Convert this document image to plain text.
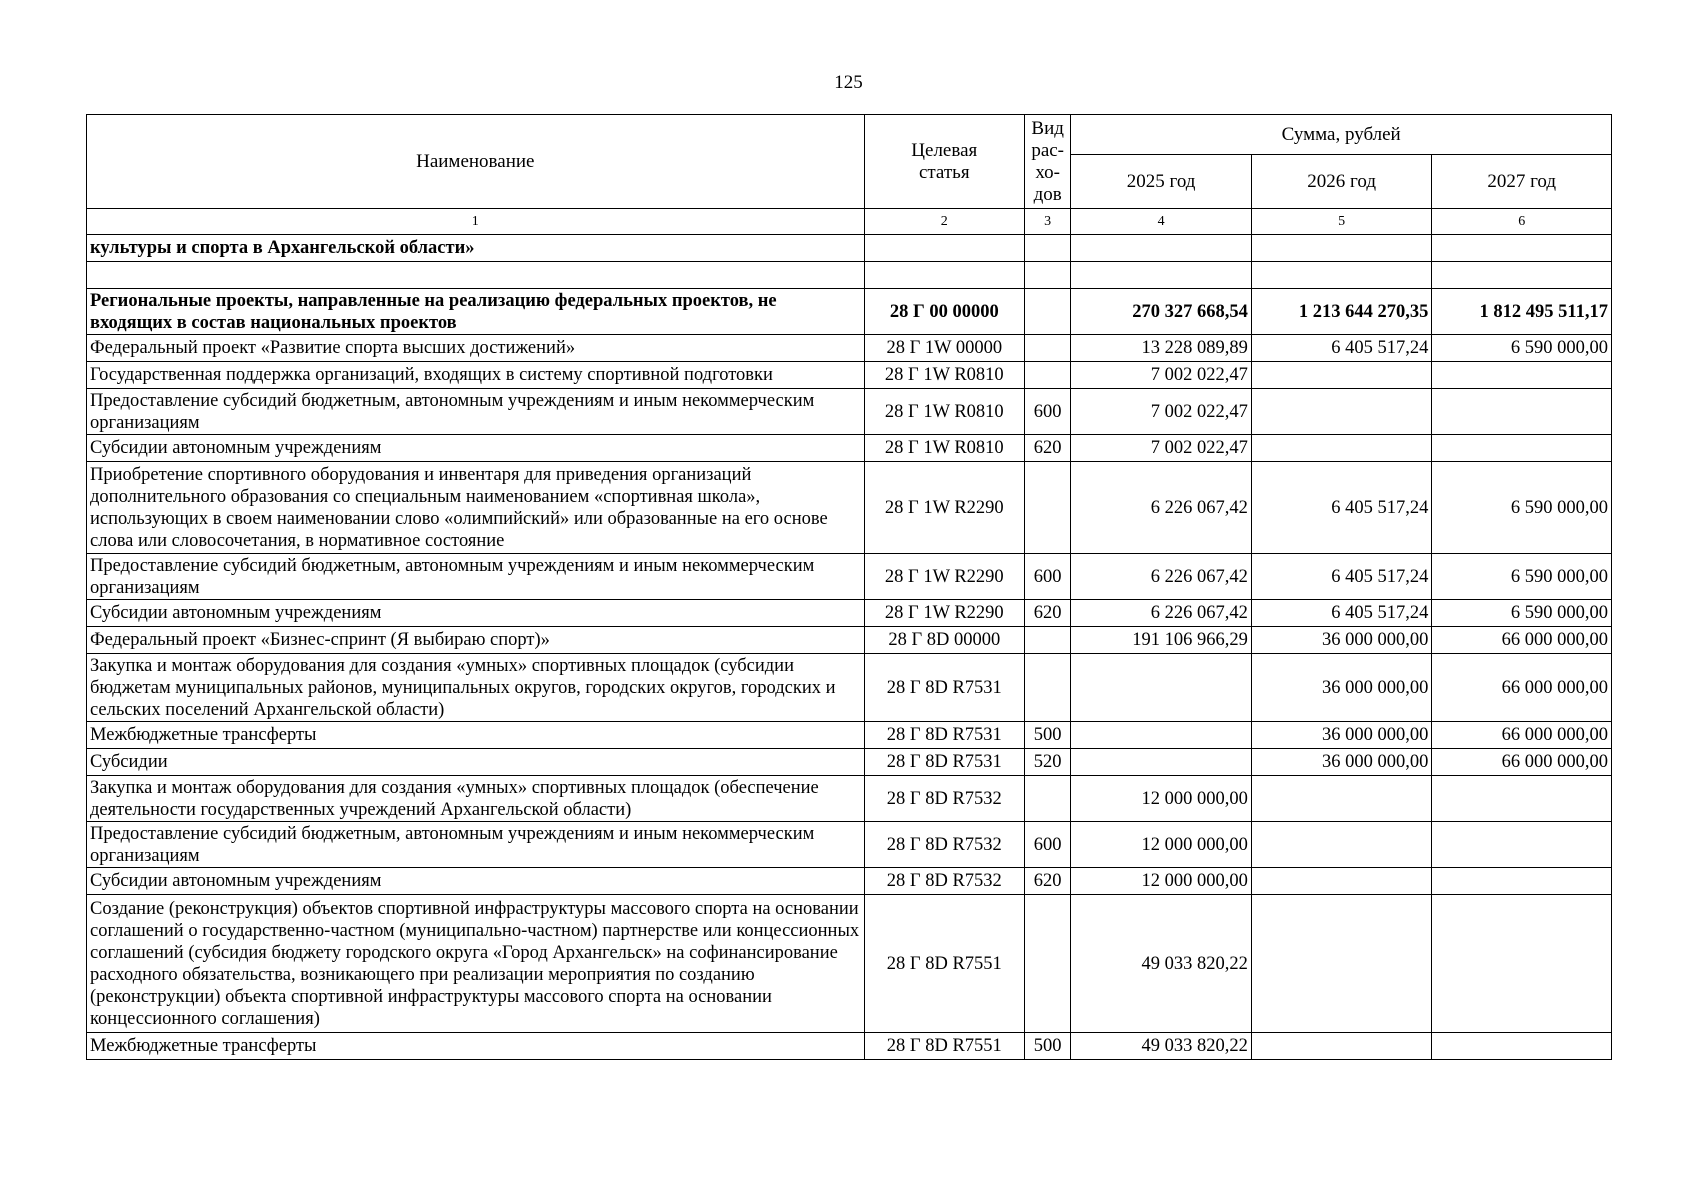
125
Наименование	Целевая статья	Вид рас-хо-дов	Сумма, рублей		
			2025 год	2026 год	2027 год
1	2	3	4	5	6
культуры и спорта в Архангельской области»					

Региональные проекты, направленные на реализацию федеральных проектов, не входящих в состав национальных проектов	28 Г 00 00000		270 327 668,54	1 213 644 270,35	1 812 495 511,17
Федеральный проект «Развитие спорта высших достижений»	28 Г 1W 00000		13 228 089,89	6 405 517,24	6 590 000,00
Государственная поддержка организаций, входящих в систему спортивной подготовки	28 Г 1W R0810		7 002 022,47		
Предоставление субсидий бюджетным, автономным учреждениям и иным некоммерческим организациям	28 Г 1W R0810	600	7 002 022,47		
Субсидии автономным учреждениям	28 Г 1W R0810	620	7 002 022,47		
Приобретение спортивного оборудования и инвентаря для приведения организаций дополнительного образования со специальным наименованием «спортивная школа», использующих в своем наименовании слово «олимпийский» или образованные на его основе слова или словосочетания, в нормативное состояние	28 Г 1W R2290		6 226 067,42	6 405 517,24	6 590 000,00
Предоставление субсидий бюджетным, автономным учреждениям и иным некоммерческим организациям	28 Г 1W R2290	600	6 226 067,42	6 405 517,24	6 590 000,00
Субсидии автономным учреждениям	28 Г 1W R2290	620	6 226 067,42	6 405 517,24	6 590 000,00
Федеральный проект «Бизнес-спринт (Я выбираю спорт)»	28 Г 8D 00000		191 106 966,29	36 000 000,00	66 000 000,00
Закупка и монтаж оборудования для создания «умных» спортивных площадок (субсидии бюджетам муниципальных районов, муниципальных округов, городских округов, городских и сельских поселений Архангельской области)	28 Г 8D R7531			36 000 000,00	66 000 000,00
Межбюджетные трансферты	28 Г 8D R7531	500		36 000 000,00	66 000 000,00
Субсидии	28 Г 8D R7531	520		36 000 000,00	66 000 000,00
Закупка и монтаж оборудования для создания «умных» спортивных площадок (обеспечение деятельности государственных учреждений Архангельской области)	28 Г 8D R7532		12 000 000,00		
Предоставление субсидий бюджетным, автономным учреждениям и иным некоммерческим организациям	28 Г 8D R7532	600	12 000 000,00		
Субсидии автономным учреждениям	28 Г 8D R7532	620	12 000 000,00		
Создание (реконструкция) объектов спортивной инфраструктуры массового спорта на основании соглашений о государственно-частном (муниципально-частном) партнерстве или концессионных соглашений (субсидия бюджету городского округа «Город Архангельск» на софинансирование расходного обязательства, возникающего при реализации мероприятия по созданию (реконструкции) объекта спортивной инфраструктуры массового спорта на основании концессионного соглашения)	28 Г 8D R7551		49 033 820,22		
Межбюджетные трансферты	28 Г 8D R7551	500	49 033 820,22		
